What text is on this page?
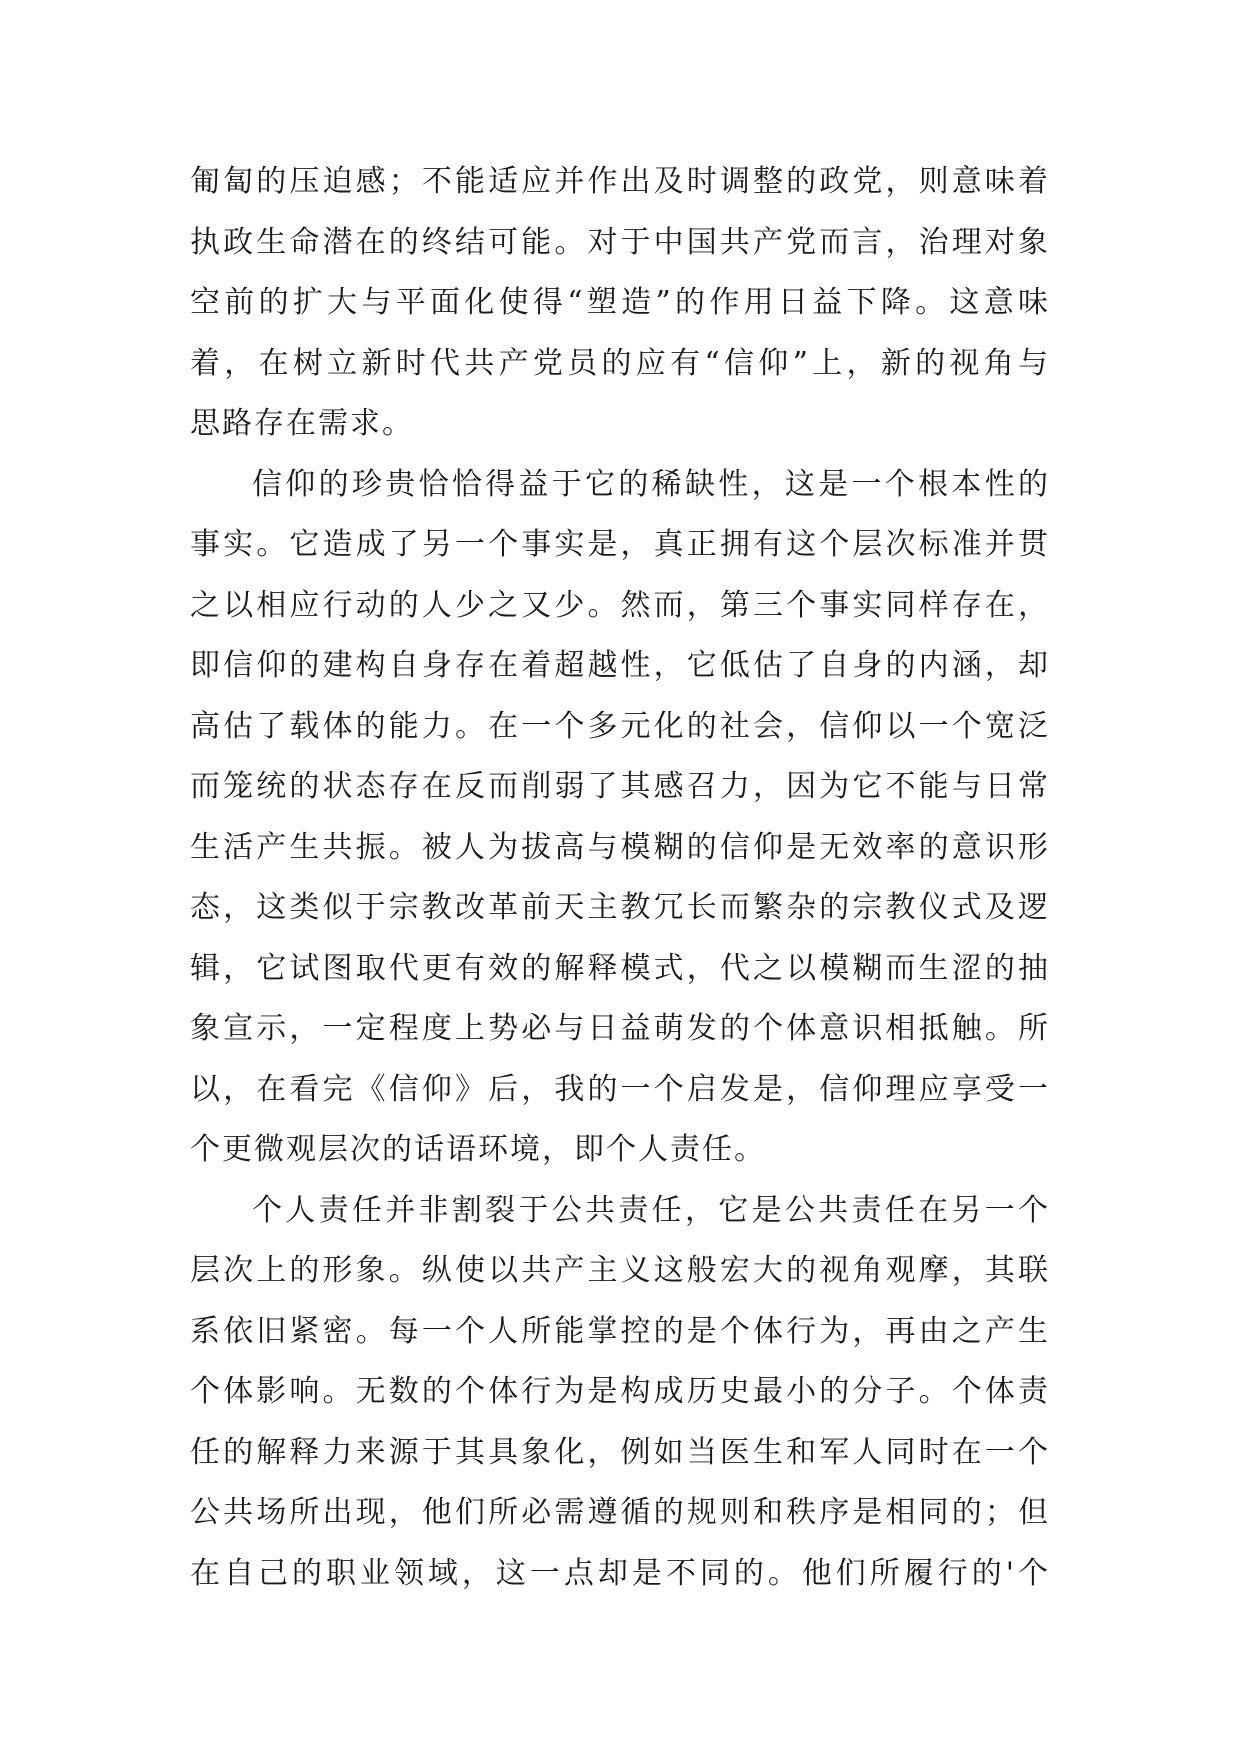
匍匐的压迫感；不能适应并作出及时调整的政党，则意味着
执政生命潜在的终结可能。对于中国共产党而言，治理对象
空前的扩大与平面化使得“塑造”的作用日益下降。这意味
着，在树立新时代共产党员的应有“信仰”上，新的视角与
思路存在需求。
信仰的珍贵恰恰得益于它的稀缺性，这是一个根本性的
事实。它造成了另一个事实是，真正拥有这个层次标准并贯
之以相应行动的人少之又少。然而，第三个事实同样存在，
即信仰的建构自身存在着超越性，它低估了自身的内涵，却
高估了载体的能力。在一个多元化的社会，信仰以一个宽泛
而笼统的状态存在反而削弱了其感召力，因为它不能与日常
生活产生共振。被人为拔高与模糊的信仰是无效率的意识形
态，这类似于宗教改革前天主教冗长而繁杂的宗教仪式及逻
辑，它试图取代更有效的解释模式，代之以模糊而生涩的抽
象宣示，一定程度上势必与日益萌发的个体意识相抵触。所
以，在看完《信仰》后，我的一个启发是，信仰理应享受一
个更微观层次的话语环境，即个人责任。
个人责任并非割裂于公共责任，它是公共责任在另一个
层次上的形象。纵使以共产主义这般宏大的视角观摩，其联
系依旧紧密。每一个人所能掌控的是个体行为，再由之产生
个体影响。无数的个体行为是构成历史最小的分子。个体责
任的解释力来源于其具象化，例如当医生和军人同时在一个
公共场所出现，他们所必需遵循的规则和秩序是相同的；但
在自己的职业领域，这一点却是不同的。他们所履行的'个
